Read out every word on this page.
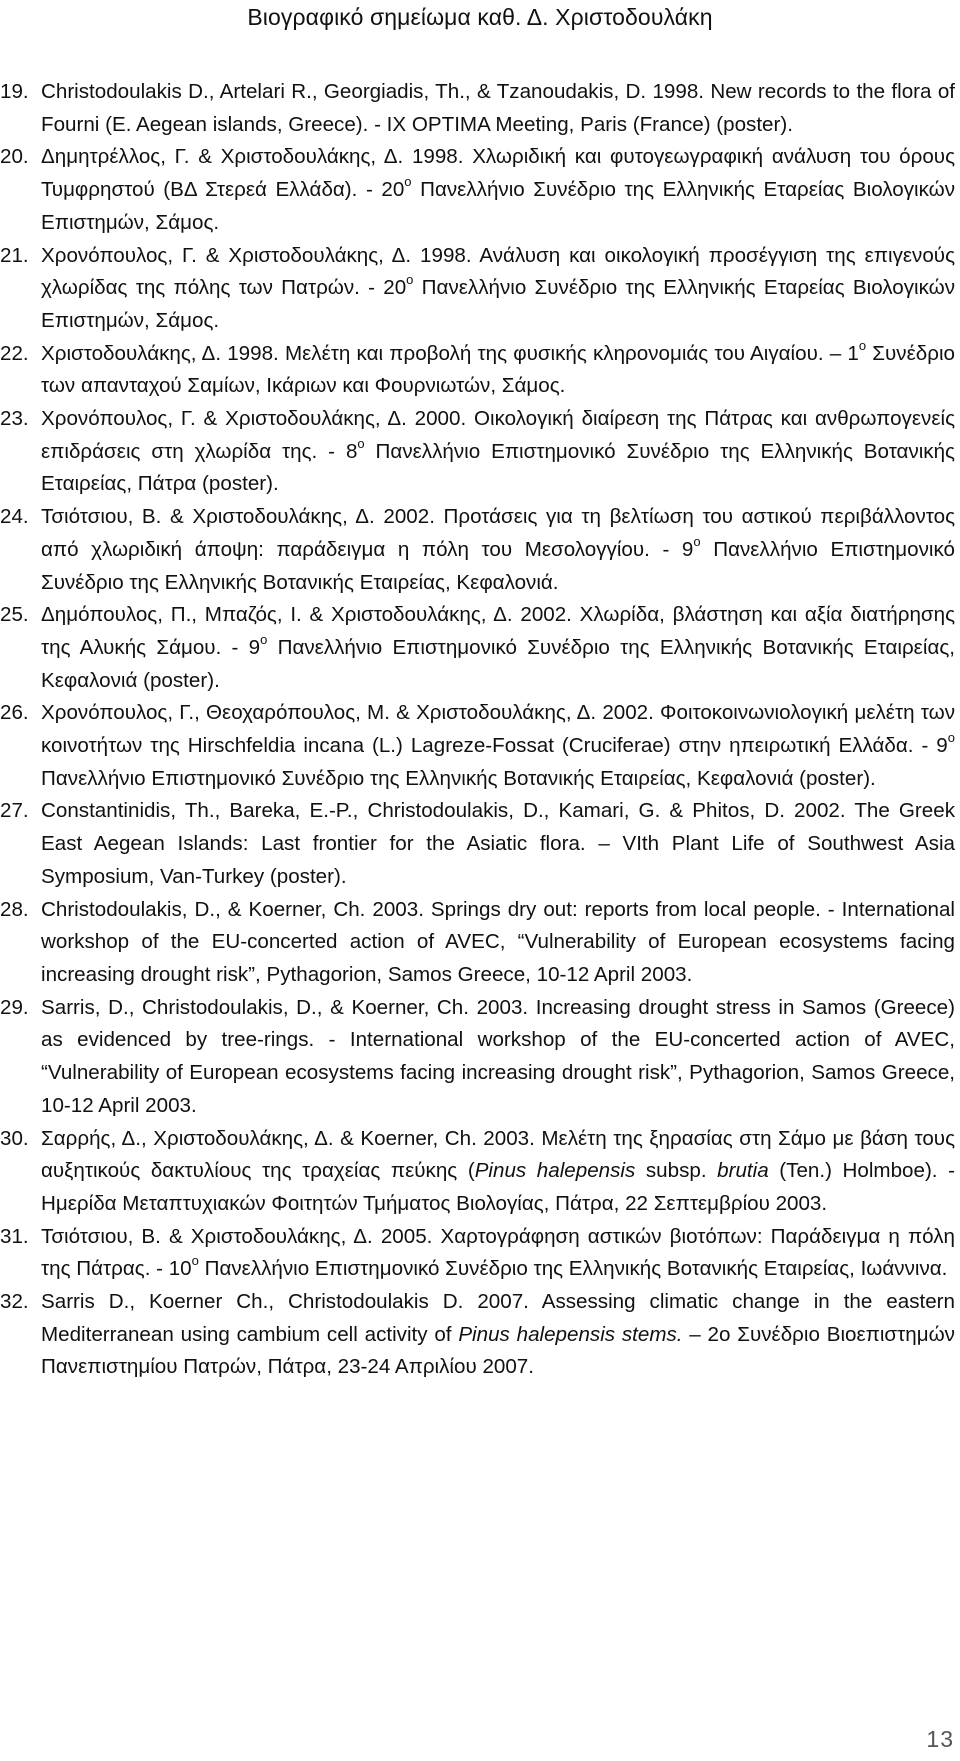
Βιογραφικό σημείωμα καθ. Δ. Χριστοδουλάκη
19. Christodoulakis D., Artelari R., Georgiadis, Th., & Tzanoudakis, D. 1998. New records to the flora of Fourni (E. Aegean islands, Greece). - IX OPTIMA Meeting, Paris (France) (poster).
20. Δημητρέλλος, Γ. & Χριστοδουλάκης, Δ. 1998. Χλωριδική και φυτογεωγραφική ανάλυση του όρους Τυμφρηστού (ΒΔ Στερεά Ελλάδα). - $20^o$ Πανελλήνιο Συνέδριο της Ελληνικής Εταρείας Βιολογικών Επιστημών, Σάμος.
21. Χρονόπουλος, Γ. & Χριστοδουλάκης, Δ. 1998. Ανάλυση και οικολογική προσέγγιση της επιγενούς χλωρίδας της πόλης των Πατρών. - $20^o$ Πανελλήνιο Συνέδριο της Ελληνικής Εταρείας Βιολογικών Επιστημών, Σάμος.
22. Χριστοδουλάκης, Δ. 1998. Μελέτη και προβολή της φυσικής κληρονομιάς του Αιγαίου. – $1^o$ Συνέδριο των απανταχού Σαμίων, Ικάριων και Φουρνιωτών, Σάμος.
23. Χρονόπουλος, Γ. & Χριστοδουλάκης, Δ. 2000. Οικολογική διαίρεση της Πάτρας και ανθρωπογενείς επιδράσεις στη χλωρίδα της. - $8^o$ Πανελλήνιο Επιστημονικό Συνέδριο της Ελληνικής Βοτανικής Εταιρείας, Πάτρα (poster).
24. Τσιότσιου, Β. & Χριστοδουλάκης, Δ. 2002. Προτάσεις για τη βελτίωση του αστικού περιβάλλοντος από χλωριδική άποψη: παράδειγμα η πόλη του Μεσολογγίου. - $9^o$ Πανελλήνιο Επιστημονικό Συνέδριο της Ελληνικής Βοτανικής Εταιρείας, Κεφαλονιά.
25. Δημόπουλος, Π., Μπαζός, Ι. & Χριστοδουλάκης, Δ. 2002. Χλωρίδα, βλάστηση και αξία διατήρησης της Αλυκής Σάμου. - $9^o$ Πανελλήνιο Επιστημονικό Συνέδριο της Ελληνικής Βοτανικής Εταιρείας, Κεφαλονιά (poster).
26. Χρονόπουλος, Γ., Θεοχαρόπουλος, Μ. & Χριστοδουλάκης, Δ. 2002. Φοιτοκοινωνιολογική μελέτη των κοινοτήτων της Hirschfeldia incana (L.) Lagreze-Fossat (Cruciferae) στην ηπειρωτική Ελλάδα. - $9^o$ Πανελλήνιο Επιστημονικό Συνέδριο της Ελληνικής Βοτανικής Εταιρείας, Κεφαλονιά (poster).
27. Constantinidis, Th., Bareka, E.-P., Christodoulakis, D., Kamari, G. & Phitos, D. 2002. The Greek East Aegean Islands: Last frontier for the Asiatic flora. – VIth Plant Life of Southwest Asia Symposium, Van-Turkey (poster).
28. Christodoulakis, D., & Koerner, Ch. 2003. Springs dry out: reports from local people. - International workshop of the EU-concerted action of AVEC, “Vulnerability of European ecosystems facing increasing drought risk”, Pythagorion, Samos Greece, 10-12 April 2003.
29. Sarris, D., Christodoulakis, D., & Koerner, Ch. 2003. Increasing drought stress in Samos (Greece) as evidenced by tree-rings. - International workshop of the EU-concerted action of AVEC, “Vulnerability of European ecosystems facing increasing drought risk”, Pythagorion, Samos Greece, 10-12 April 2003.
30. Σαρρής, Δ., Χριστοδουλάκης, Δ. & Koerner, Ch. 2003. Μελέτη της ξηρασίας στη Σάμο με βάση τους αυξητικούς δακτυλίους της τραχείας πεύκης (Pinus halepensis subsp. brutia (Ten.) Holmboe). - Ημερίδα Μεταπτυχιακών Φοιτητών Τμήματος Βιολογίας, Πάτρα, 22 Σεπτεμβρίου 2003.
31. Τσιότσιου, Β. & Χριστοδουλάκης, Δ. 2005. Χαρτογράφηση αστικών βιοτόπων: Παράδειγμα η πόλη της Πάτρας. - $10^o$ Πανελλήνιο Επιστημονικό Συνέδριο της Ελληνικής Βοτανικής Εταιρείας, Ιωάννινα.
32. Sarris D., Koerner Ch., Christodoulakis D. 2007. Assessing climatic change in the eastern Mediterranean using cambium cell activity of Pinus halepensis stems. – 2ο Συνέδριο Βιοεπιστημών Πανεπιστημίου Πατρών, Πάτρα, 23-24 Απριλίου 2007.
13
